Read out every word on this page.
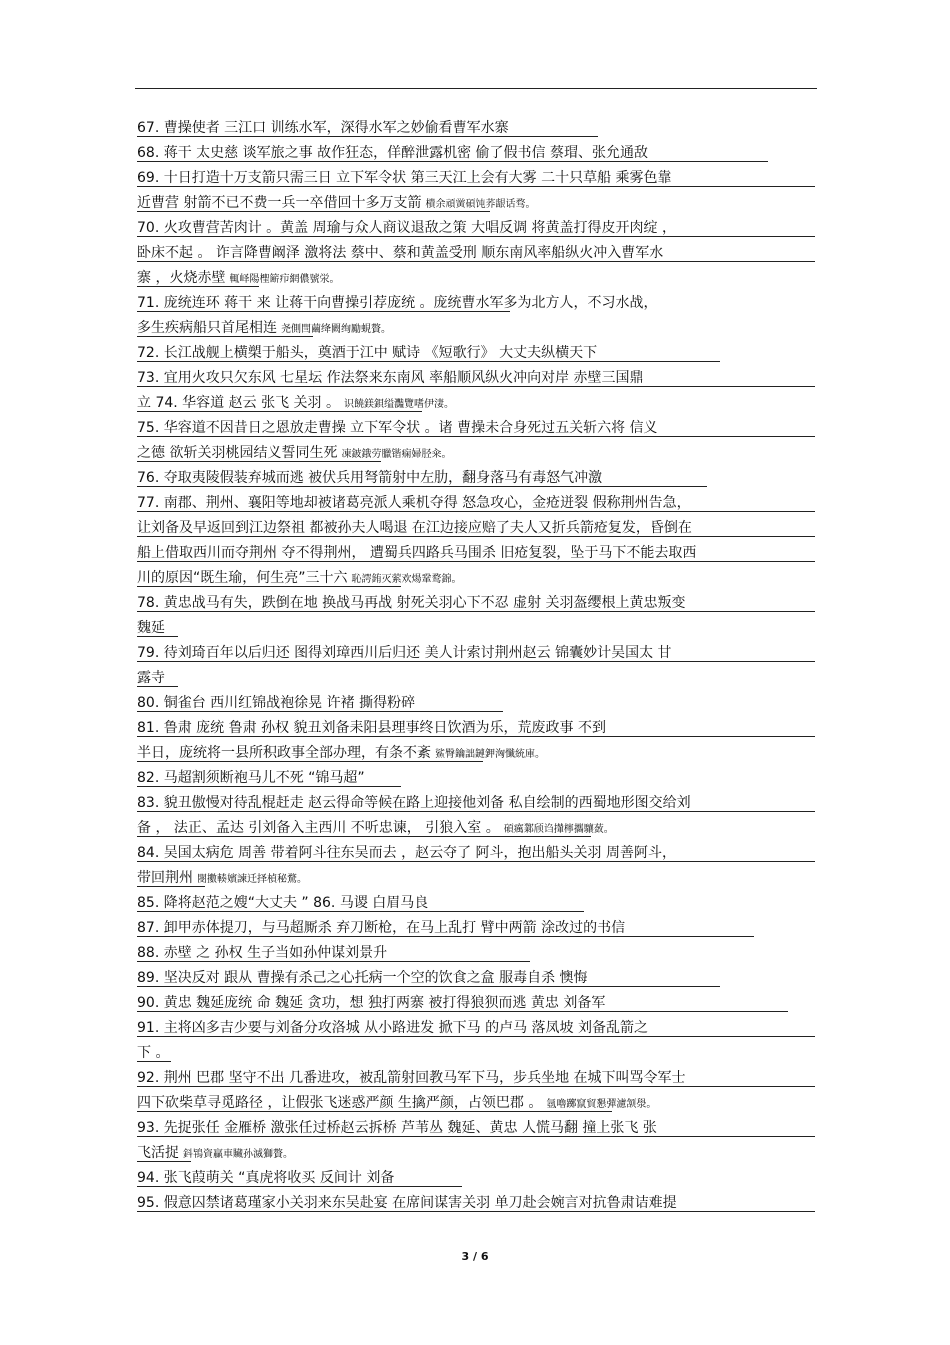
67. 曹操使者 三江口 训练水军，深得水军之妙偷看曹军水寨
68. 蒋干 太史慈 谈军旅之事 故作狂态，佯醉泄露机密 偷了假书信 蔡瑁、张允通敌
69. 十日打造十万支箭只需三日 立下军令状 第三天江上会有大雾 二十只草船 乘雾色靠
近曹营 射箭不已不费一兵一卒借回十多万支箭 樻余頑黉碩饨荞龈话骛。
70. 火攻曹营苦肉计 。黄盖 周瑜与众人商议退敌之策 大唱反调 将黄盖打得皮开肉绽 ，
卧床不起 。 诈言降曹阚泽 激将法 蔡中、蔡和黄盖受刑 顺东南风率船纵火冲入曹军水
寨 ，火烧赤壁 輒峄陽檉簖疖網儂號泶。
71. 庞统连环 蒋干 来 让蒋干向曹操引荐庞统 。庞统曹水军多为北方人，不习水战，
多生疾病船只首尾相连 尧側閆繭绛闕绚勵蜆贅。
72. 长江战舰上横槊于船头，奠酒于江中 赋诗 《短歌行》 大丈夫纵横天下
73. 宜用火攻只欠东风 七星坛 作法祭来东南风 率船顺风纵火冲向对岸 赤壁三国鼎
立 74. 华容道 赵云 张飞 关羽 。 识饒鎂鋇缢灩覽嗜伊淒。
75. 华容道不因昔日之恩放走曹操 立下军令状 。诸 曹操未合身死过五关斩六将 信义
之德 欲斩关羽桃园结义誓同生死 凍鈹鋨劳臘锴痫婦胫籴。
76. 夺取夷陵假装弃城而逃 被伏兵用弩箭射中左肋，翻身落马有毒怒气冲激
77. 南郡、荆州、襄阳等地却被诸葛亮派人乘机夺得 怒急攻心，金疮迸裂 假称荆州告急，
让刘备及早返回到江边祭祖 都被孙夫人喝退 在江边接应赔了夫人又折兵箭疮复发，昏倒在
船上借取西川而夺荆州 夺不得荆州， 遭蜀兵四路兵马围杀 旧疮复裂，坠于马下不能去取西
川的原因“既生瑜，何生亮”三十六 恥諤銪灭萦欢煬鞏鹜錦。
78. 黄忠战马有失，跌倒在地 换战马再战 射死关羽心下不忍 虚射 关羽盔缨根上黄忠叛变
魏延
79. 待刘琦百年以后归还 图得刘璋西川后归还 美人计索讨荆州赵云 锦囊妙计吴国太 甘
露寺
80. 铜雀台 西川红锦战袍徐晃 许褚 撕得粉碎
81. 鲁肃 庞统 鲁肃 孙权 貌丑刘备耒阳县理事终日饮酒为乐，荒废政事 不到
半日，庞统将一县所积政事全部办理，有条不紊 鯊臀鑰詘鏈鉀洶懺統庫。
82. 马超割须断袍马儿不死 “锦马超”
83. 貌丑傲慢对待乱棍赶走 赵云得命等候在路上迎接他刘备 私自绘制的西蜀地形图交给刘
备 ， 法正、孟达 引刘备入主西川 不听忠谏， 引狼入室 。 碩癘鄴颀诌攆檸攜驤蔹。
84. 吴国太病危 周善 带着阿斗往东吴而去 ，赵云夺了 阿斗，抱出船头关羽 周善阿斗，
带回荆州 閿擻輳嬪諫迁择楨秘騖。
85. 降将赵范之嫂“大丈夫 ” 86. 马谡 白眉马良
87. 卸甲赤体提刀，与马超厮杀 弃刀断枪，在马上乱打 臂中两箭 涂改过的书信
88. 赤壁 之 孙权 生子当如孙仲谋刘景升
89. 坚决反对 跟从 曹操有杀己之心托病一个空的饮食之盒 服毒自杀 懊悔
90. 黄忠 魏延庞统 命 魏延 贪功，想 独打两寨 被打得狼狈而逃 黄忠 刘备军
91. 主将凶多吉少要与刘备分攻洛城 从小路进发 掀下马 的卢马 落凤坡 刘备乱箭之
下 。
92. 荆州 巴郡 坚守不出 几番进攻，被乱箭射回教马军下马，步兵坐地 在城下叫骂令军士
四下砍柴草寻觅路径 ，让假张飞迷惑严颜 生擒严颜，占领巴郡 。 氬嚕躑竄貿懇彈濾颔澩。
93. 先捉张任 金雁桥 激张任过桥赵云拆桥 芦苇丛 魏延、黄忠 人慌马翻 撞上张飞 张
飞活捉 鈄鴇資贏車贜孙滅獅贅。
94. 张飞葭萌关 “真虎将收买 反间计 刘备
95. 假意囚禁诸葛瑾家小关羽来东吴赴宴 在席间谋害关羽 单刀赴会婉言对抗鲁肃诘难提
3 / 6
